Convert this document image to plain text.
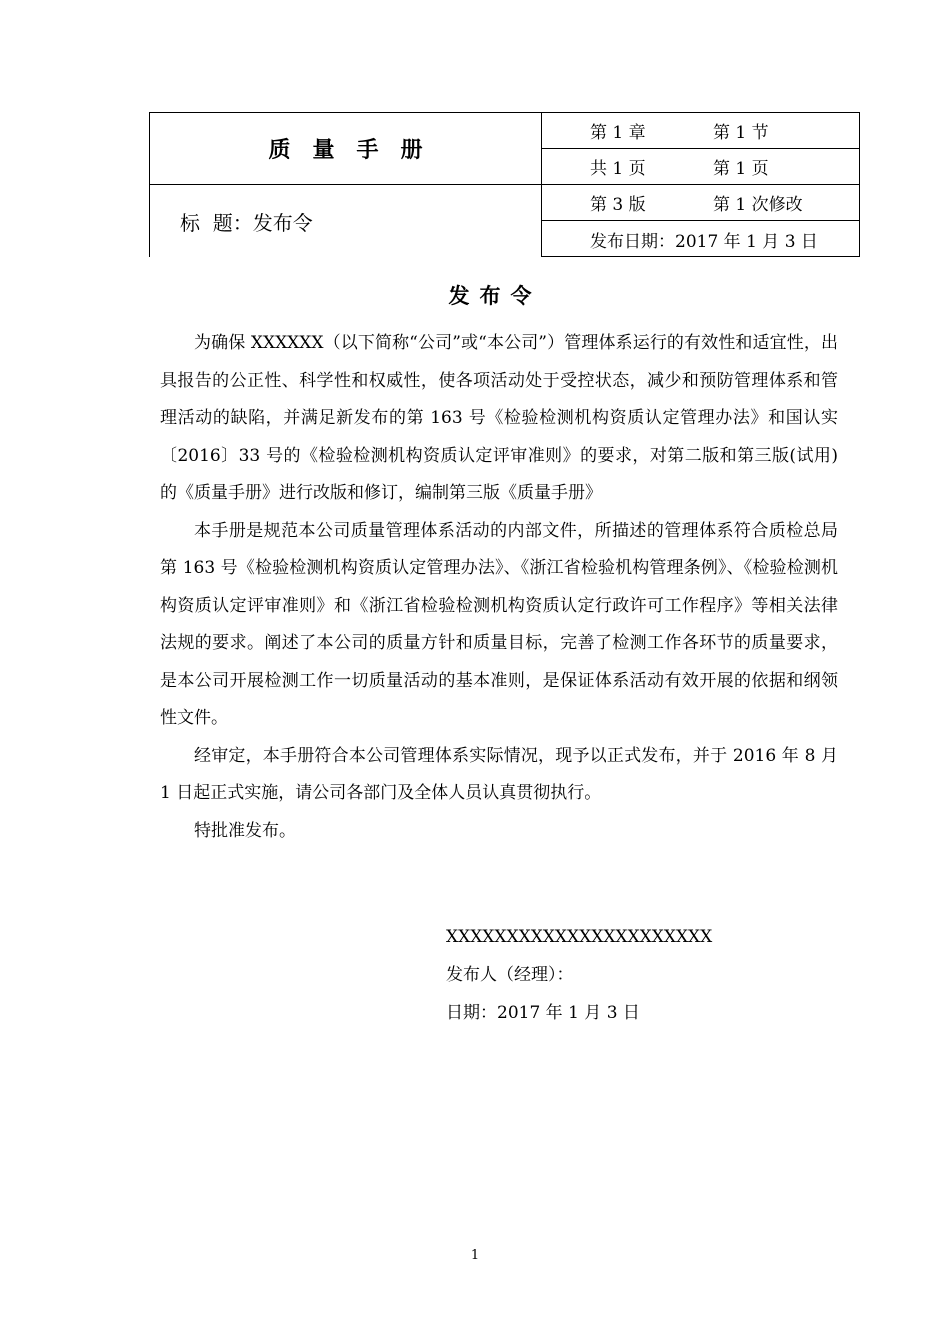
质量手册
标  题：发布令
第 1 章	第 1 节
共 1 页	第 1 页
第 3 版	第 1 次修改
发布日期：2017 年 1 月 3 日
发布令

为确保 XXXXXX（以下简称“公司”或“本公司”）管理体系运行的有效性和适宜性，出具报告的公正性、科学性和权威性，使各项活动处于受控状态，减少和预防管理体系和管理活动的缺陷，并满足新发布的第 163 号《检验检测机构资质认定管理办法》和国认实〔2016〕33 号的《检验检测机构资质认定评审准则》的要求，对第二版和第三版(试用) 的《质量手册》进行改版和修订，编制第三版《质量手册》

本手册是规范本公司质量管理体系活动的内部文件，所描述的管理体系符合质检总局第 163 号《检验检测机构资质认定管理办法》、《浙江省检验机构管理条例》、《检验检测机构资质认定评审准则》和《浙江省检验检测机构资质认定行政许可工作程序》等相关法律法规的要求。阐述了本公司的质量方针和质量目标，完善了检测工作各环节的质量要求，是本公司开展检测工作一切质量活动的基本准则，是保证体系活动有效开展的依据和纲领性文件。

经审定，本手册符合本公司管理体系实际情况，现予以正式发布，并于 2016 年 8 月 1 日起正式实施，请公司各部门及全体人员认真贯彻执行。

特批准发布。

XXXXXXXXXXXXXXXXXXXXXX
发布人（经理）：
日期：2017 年 1 月 3 日
1
